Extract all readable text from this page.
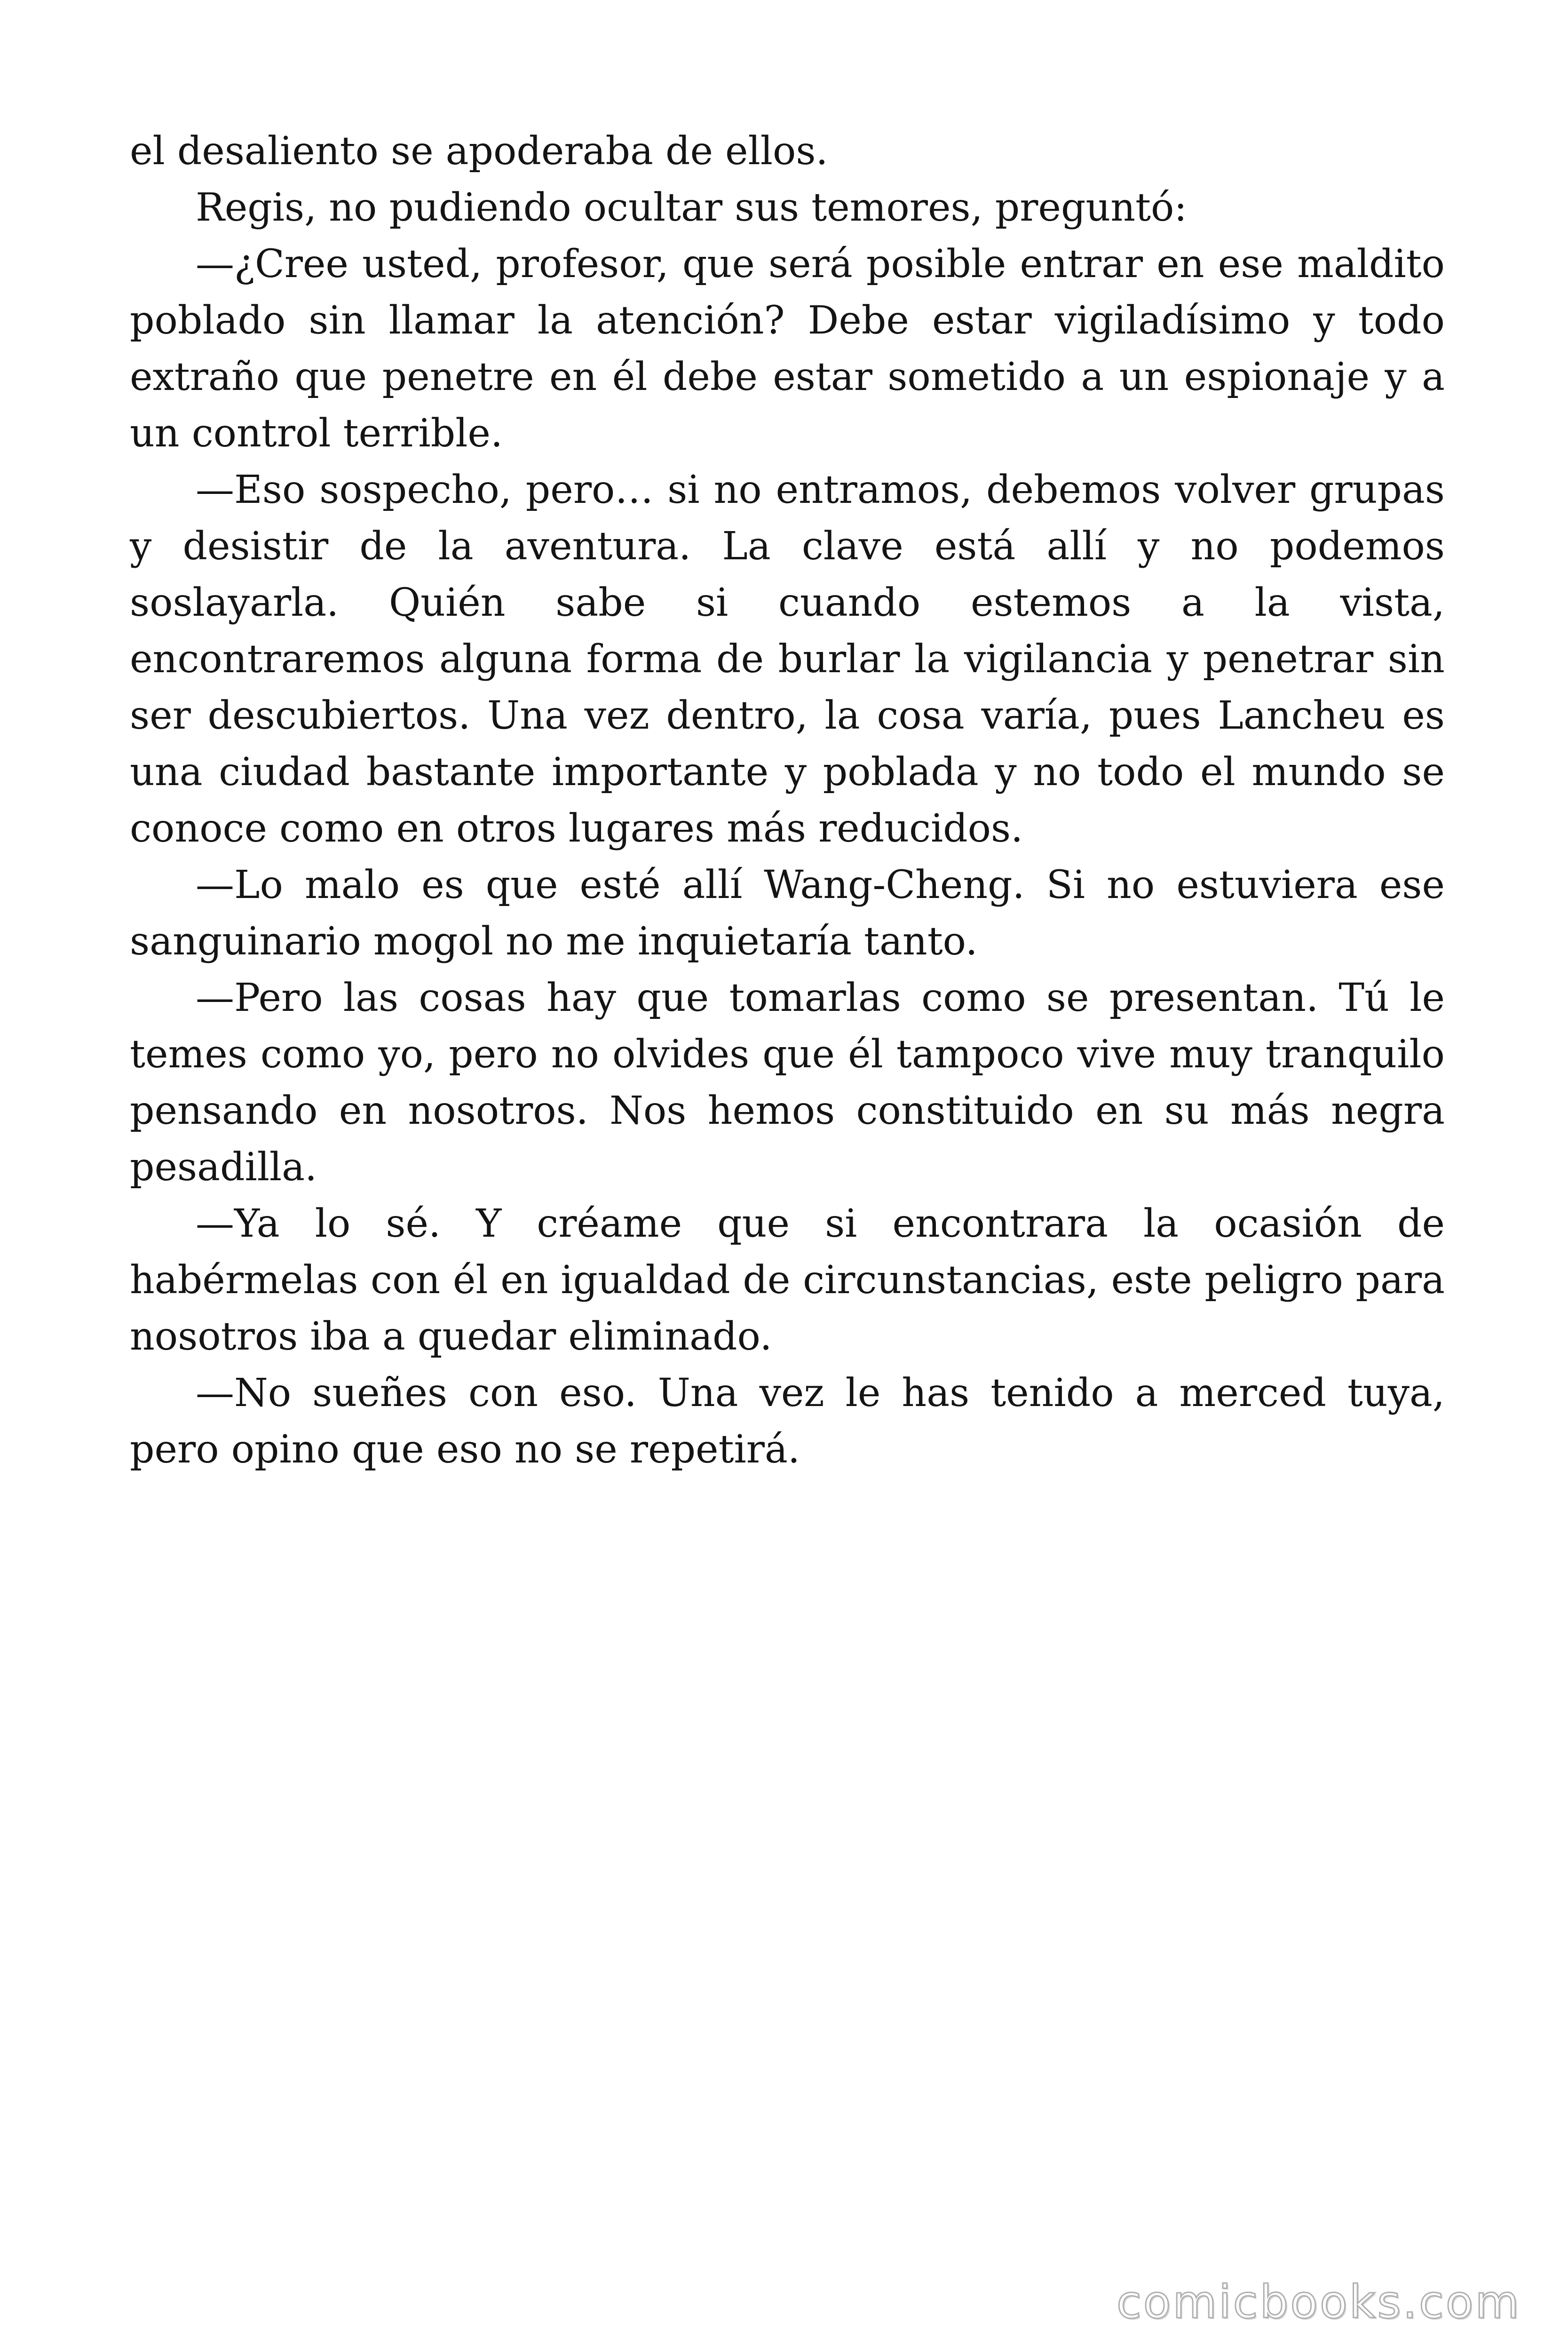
el desaliento se apoderaba de ellos.

Regis, no pudiendo ocultar sus temores, preguntó:

—¿Cree usted, profesor, que será posible entrar en ese maldito poblado sin llamar la atención? Debe estar vigiladísimo y todo extraño que penetre en él debe estar sometido a un espionaje y a un control terrible.

—Eso sospecho, pero… si no entramos, debemos volver grupas y desistir de la aventura. La clave está allí y no podemos soslayarla. Quién sabe si cuando estemos a la vista, encontraremos alguna forma de burlar la vigilancia y penetrar sin ser descubiertos. Una vez dentro, la cosa varía, pues Lancheu es una ciudad bastante importante y poblada y no todo el mundo se conoce como en otros lugares más reducidos.

—Lo malo es que esté allí Wang-Cheng. Si no estuviera ese sanguinario mogol no me inquietaría tanto.

—Pero las cosas hay que tomarlas como se presentan. Tú le temes como yo, pero no olvides que él tampoco vive muy tranquilo pensando en nosotros. Nos hemos constituido en su más negra pesadilla.

—Ya lo sé. Y créame que si encontrara la ocasión de habérmelas con él en igualdad de circunstancias, este peligro para nosotros iba a quedar eliminado.

—No sueñes con eso. Una vez le has tenido a merced tuya, pero opino que eso no se repetirá.

comicbooks.com
